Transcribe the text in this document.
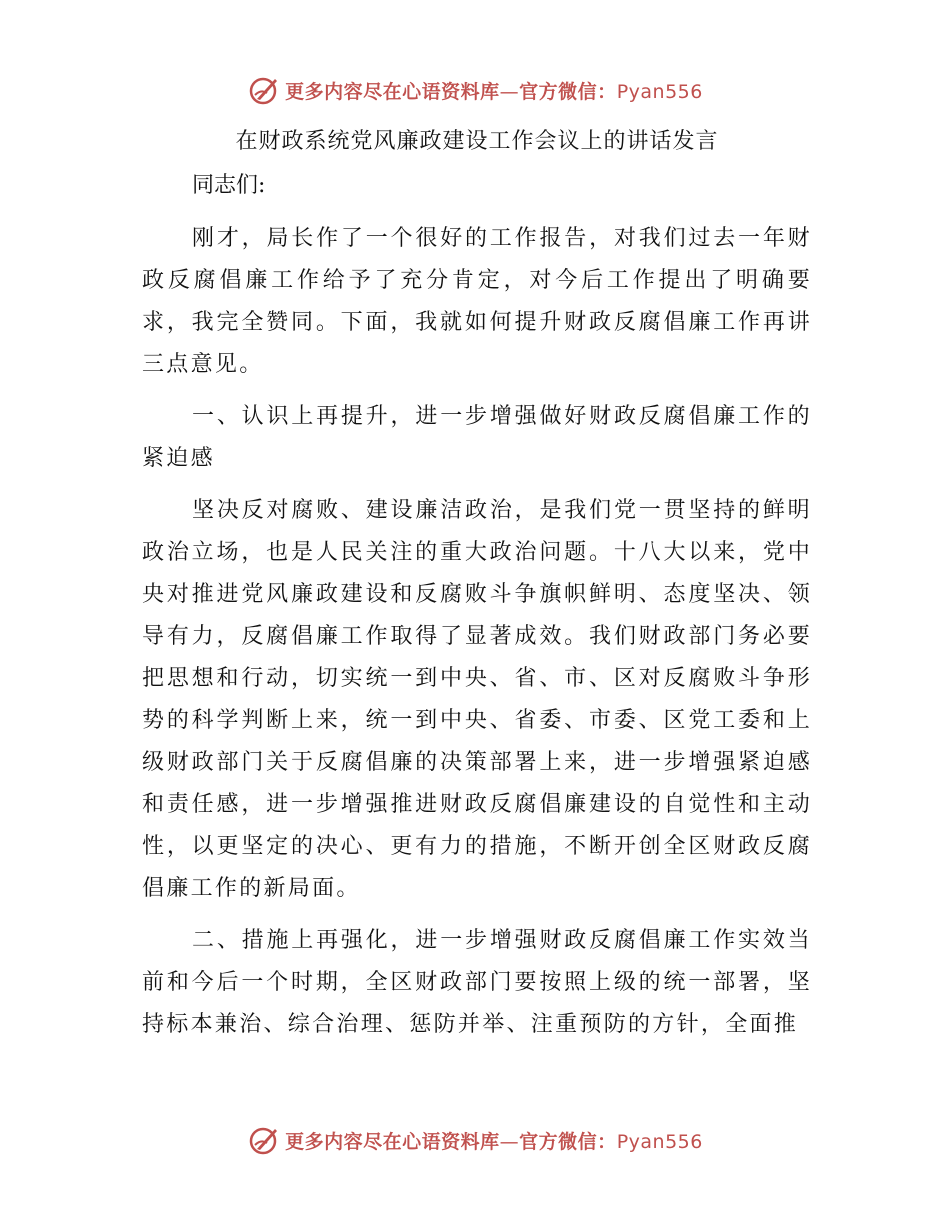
更多内容尽在心语资料库—官方微信：Pyan556
在财政系统党风廉政建设工作会议上的讲话发言
同志们:

刚才，局长作了一个很好的工作报告，对我们过去一年财政反腐倡廉工作给予了充分肯定，对今后工作提出了明确要求，我完全赞同。下面，我就如何提升财政反腐倡廉工作再讲三点意见。

一、认识上再提升，进一步增强做好财政反腐倡廉工作的紧迫感

坚决反对腐败、建设廉洁政治，是我们党一贯坚持的鲜明政治立场，也是人民关注的重大政治问题。十八大以来，党中央对推进党风廉政建设和反腐败斗争旗帜鲜明、态度坚决、领导有力，反腐倡廉工作取得了显著成效。我们财政部门务必要把思想和行动，切实统一到中央、省、市、区对反腐败斗争形势的科学判断上来，统一到中央、省委、市委、区党工委和上级财政部门关于反腐倡廉的决策部署上来，进一步增强紧迫感和责任感，进一步增强推进财政反腐倡廉建设的自觉性和主动性，以更坚定的决心、更有力的措施，不断开创全区财政反腐倡廉工作的新局面。

二、措施上再强化，进一步增强财政反腐倡廉工作实效当前和今后一个时期，全区财政部门要按照上级的统一部署，坚持标本兼治、综合治理、惩防并举、注重预防的方针，全面推

更多内容尽在心语资料库—官方微信：Pyan556
